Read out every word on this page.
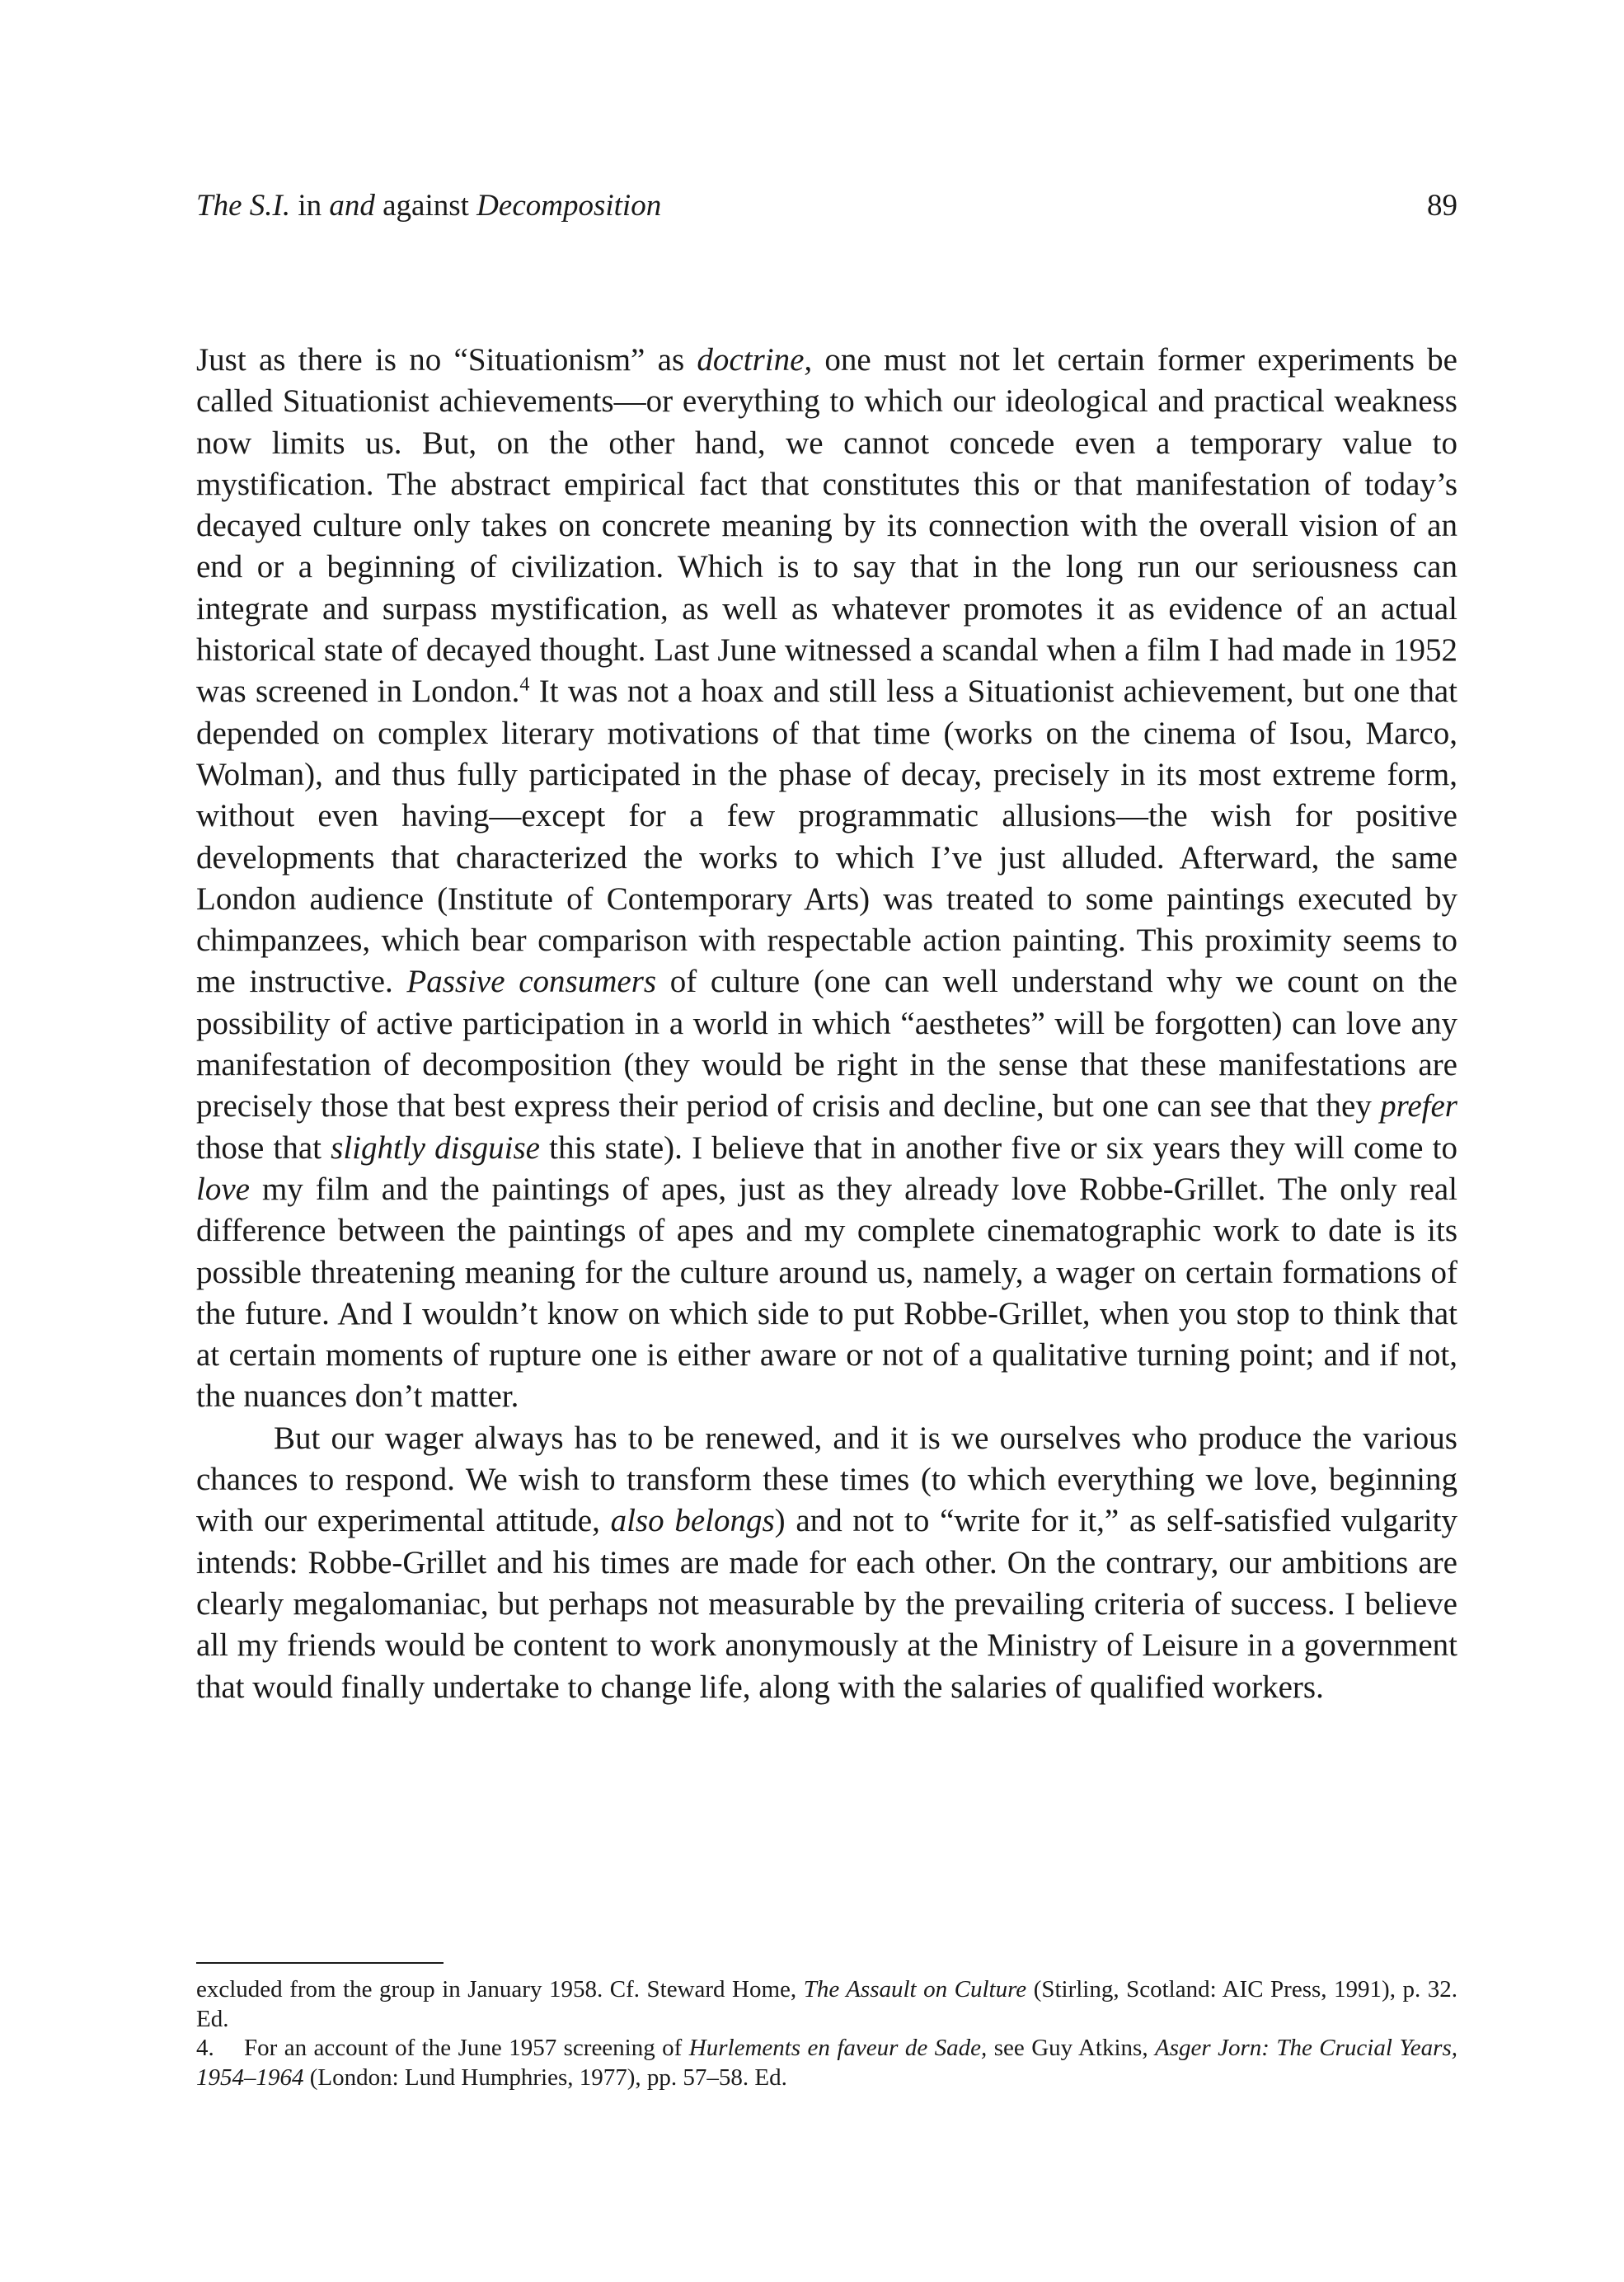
The S.I. in and against Decomposition	89

Just as there is no “Situationism” as doctrine, one must not let certain former experiments be called Situationist achievements—or everything to which our ideological and practical weakness now limits us. But, on the other hand, we cannot concede even a temporary value to mystification. The abstract empirical fact that constitutes this or that manifestation of today’s decayed culture only takes on concrete meaning by its connection with the overall vision of an end or a beginning of civilization. Which is to say that in the long run our seriousness can integrate and surpass mystification, as well as whatever promotes it as evidence of an actual historical state of decayed thought. Last June witnessed a scandal when a film I had made in 1952 was screened in London.$^4$ It was not a hoax and still less a Situationist achievement, but one that depended on complex literary motivations of that time (works on the cinema of Isou, Marco, Wolman), and thus fully participated in the phase of decay, precisely in its most extreme form, without even having—except for a few programmatic allusions—the wish for positive developments that characterized the works to which I’ve just alluded. Afterward, the same London audience (Institute of Contemporary Arts) was treated to some paintings executed by chimpanzees, which bear comparison with respectable action painting. This proximity seems to me instructive. Passive consumers of culture (one can well understand why we count on the possibility of active participation in a world in which “aesthetes” will be forgotten) can love any manifestation of decomposition (they would be right in the sense that these manifestations are precisely those that best express their period of crisis and decline, but one can see that they prefer those that slightly disguise this state). I believe that in another five or six years they will come to love my film and the paintings of apes, just as they already love Robbe-Grillet. The only real difference between the paintings of apes and my complete cinematographic work to date is its possible threatening meaning for the culture around us, namely, a wager on certain formations of the future. And I wouldn’t know on which side to put Robbe-Grillet, when you stop to think that at certain moments of rupture one is either aware or not of a qualitative turning point; and if not, the nuances don’t matter.

But our wager always has to be renewed, and it is we ourselves who produce the various chances to respond. We wish to transform these times (to which everything we love, beginning with our experimental attitude, also belongs) and not to “write for it,” as self-satisfied vulgarity intends: Robbe-Grillet and his times are made for each other. On the contrary, our ambitions are clearly megalomaniac, but perhaps not measurable by the prevailing criteria of success. I believe all my friends would be content to work anonymously at the Ministry of Leisure in a government that would finally undertake to change life, along with the salaries of qualified workers.

excluded from the group in January 1958. Cf. Steward Home, The Assault on Culture (Stirling, Scotland: AIC Press, 1991), p. 32. Ed.

4. For an account of the June 1957 screening of Hurlements en faveur de Sade, see Guy Atkins, Asger Jorn: The Crucial Years, 1954–1964 (London: Lund Humphries, 1977), pp. 57–58. Ed.
